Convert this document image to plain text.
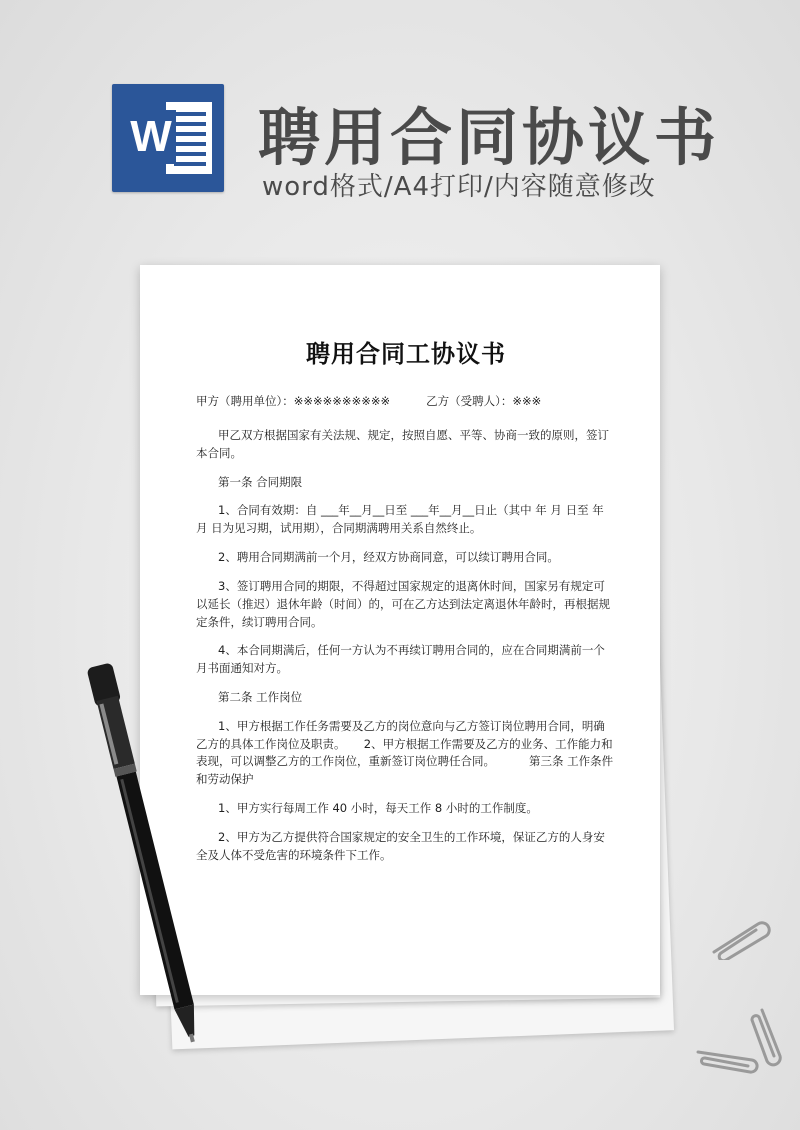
W 聘用合同协议书
word格式/A4打印/内容随意修改
聘用合同工协议书
甲方（聘用单位）：※※※※※※※※※※	乙方（受聘人）：※※※

甲乙双方根据国家有关法规、规定，按照自愿、平等、协商一致的原则，签订本合同。

第一条 合同期限

1、合同有效期：自 ___年__月__日至 ___年__月__日止（其中 年 月 日至 年 月 日为见习期，试用期），合同期满聘用关系自然终止。

2、聘用合同期满前一个月，经双方协商同意，可以续订聘用合同。

3、签订聘用合同的期限，不得超过国家规定的退离休时间，国家另有规定可以延长（推迟）退休年龄（时间）的，可在乙方达到法定离退休年龄时，再根据规定条件，续订聘用合同。

4、本合同期满后，任何一方认为不再续订聘用合同的，应在合同期满前一个月书面通知对方。

第二条 工作岗位

1、甲方根据工作任务需要及乙方的岗位意向与乙方签订岗位聘用合同，明确乙方的具体工作岗位及职责。 2、甲方根据工作需要及乙方的业务、工作能力和表现，可以调整乙方的工作岗位，重新签订岗位聘任合同。	第三条 工作条件和劳动保护

1、甲方实行每周工作 40 小时，每天工作 8 小时的工作制度。

2、甲方为乙方提供符合国家规定的安全卫生的工作环境，保证乙方的人身安全及人体不受危害的环境条件下工作。
